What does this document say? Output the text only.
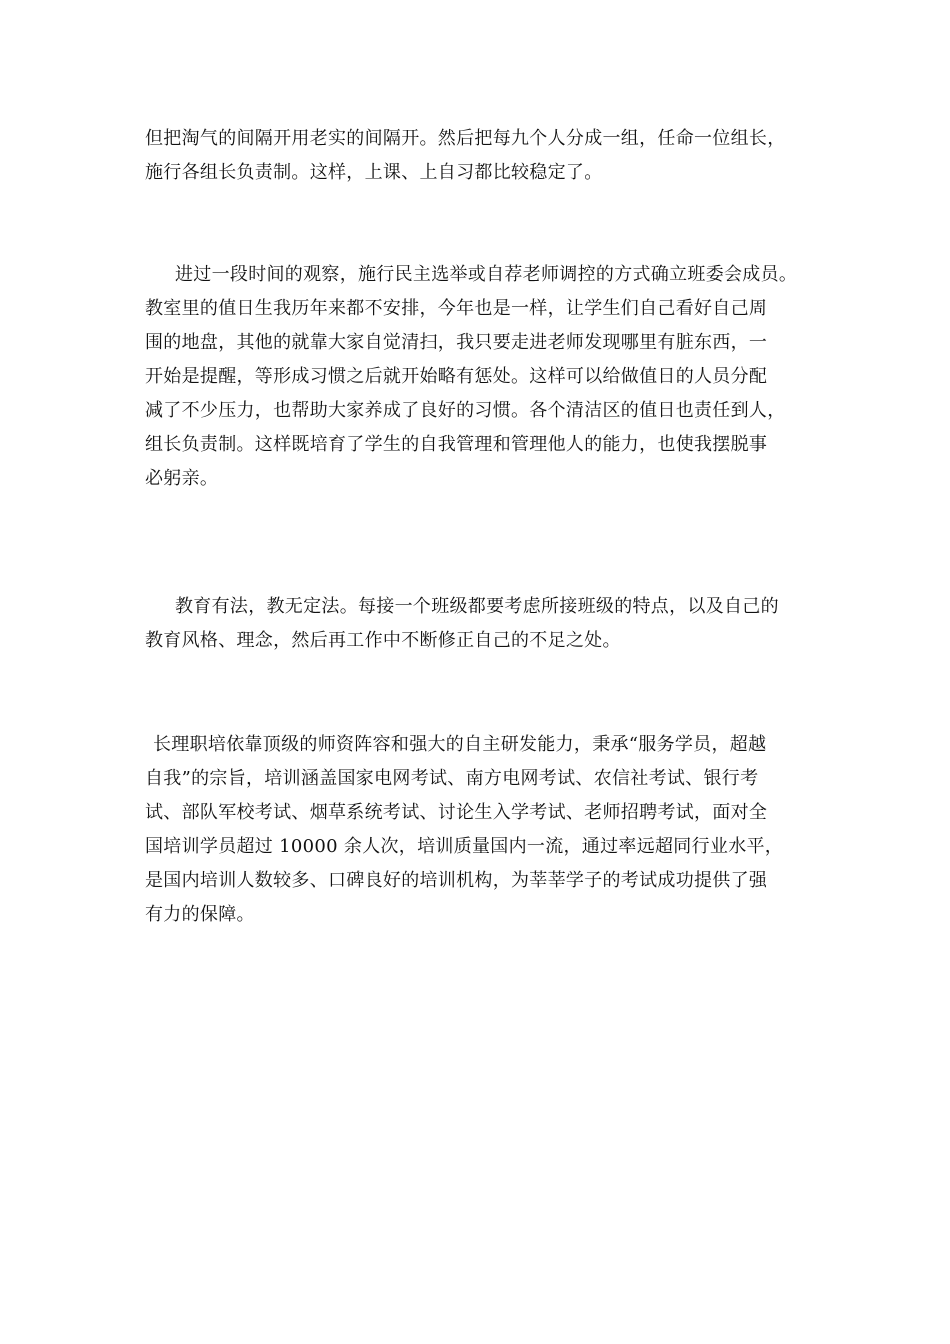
但把淘气的间隔开用老实的间隔开。然后把每九个人分成一组，任命一位组长，
施行各组长负责制。这样，上课、上自习都比较稳定了。
进过一段时间的观察，施行民主选举或自荐老师调控的方式确立班委会成员。
教室里的值日生我历年来都不安排，今年也是一样，让学生们自己看好自己周
围的地盘，其他的就靠大家自觉清扫，我只要走进老师发现哪里有脏东西，一
开始是提醒，等形成习惯之后就开始略有惩处。这样可以给做值日的人员分配
减了不少压力，也帮助大家养成了良好的习惯。各个清洁区的值日也责任到人，
组长负责制。这样既培育了学生的自我管理和管理他人的能力，也使我摆脱事
必躬亲。
教育有法，教无定法。每接一个班级都要考虑所接班级的特点，以及自己的
教育风格、理念，然后再工作中不断修正自己的不足之处。
长理职培依靠顶级的师资阵容和强大的自主研发能力，秉承“服务学员，超越
自我”的宗旨，培训涵盖国家电网考试、南方电网考试、农信社考试、银行考
试、部队军校考试、烟草系统考试、讨论生入学考试、老师招聘考试，面对全
国培训学员超过 10000 余人次，培训质量国内一流，通过率远超同行业水平，
是国内培训人数较多、口碑良好的培训机构，为莘莘学子的考试成功提供了强
有力的保障。
